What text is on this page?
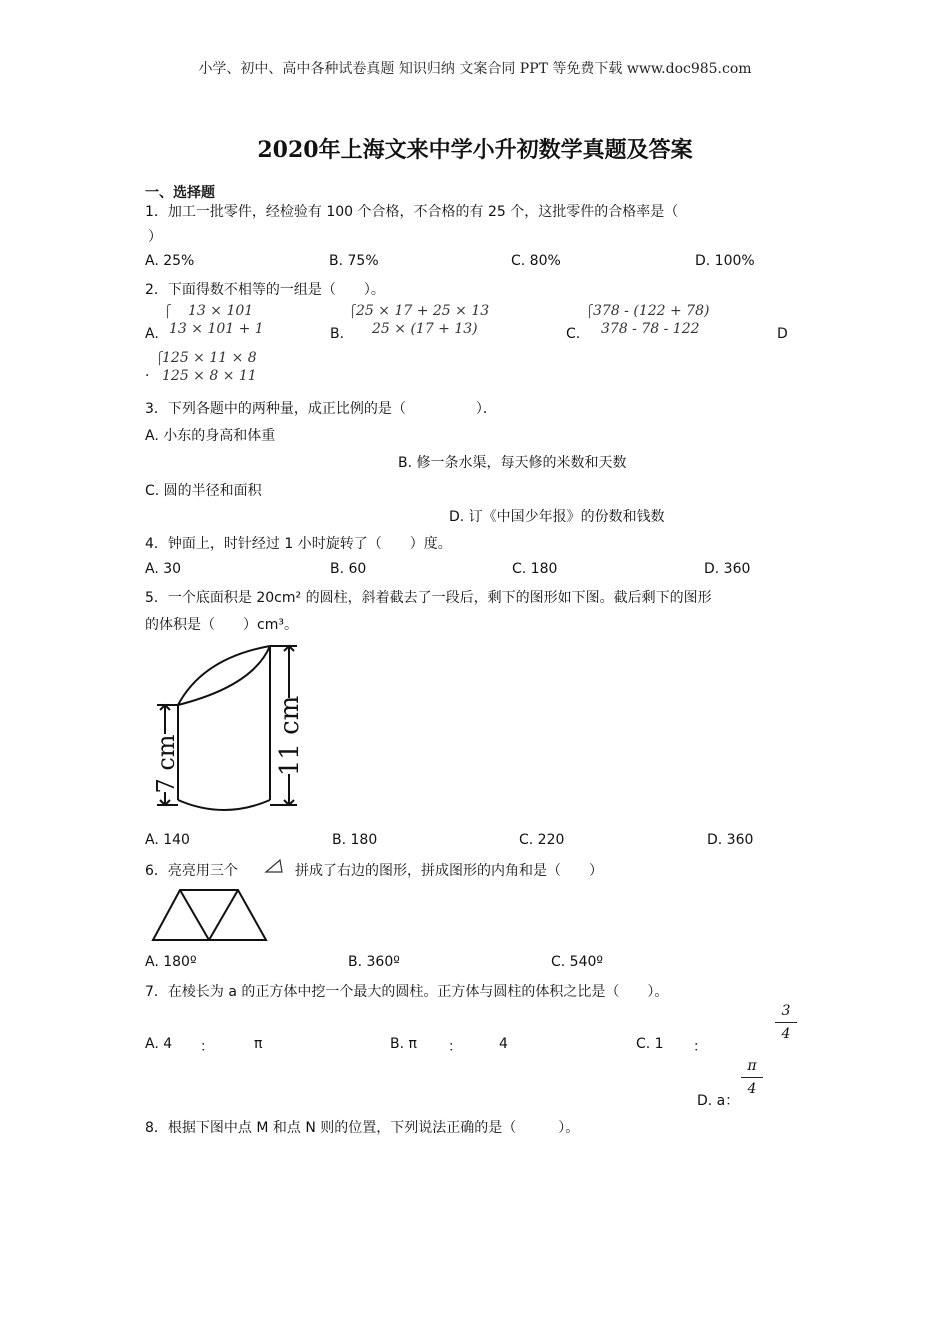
小学、初中、高中各种试卷真题 知识归纳 文案合同 PPT 等免费下载 www.doc985.com
2020年上海文来中学小升初数学真题及答案
一、选择题
1．加工一批零件，经检验有 100 个合格，不合格的有 25 个，这批零件的合格率是（
）
A. 25%	B. 75%	C. 80%	D. 100%
2．下面得数不相等的一组是（　　）。
A.
⎧ 13 × 101
13 × 101 + 1	B.
⎧ 25 × 17 + 25 × 13
25 × (17 + 13)	C.
⎧ 378 - (122 + 78)
378 - 78 - 122	D
⎧
125 × 11 × 8
. 125 × 8 × 11
3．下列各题中的两种量，成正比例的是（　　　　　）．
A. 小东的身高和体重
B. 修一条水渠，每天修的米数和天数
C. 圆的半径和面积
D. 订《中国少年报》的份数和钱数
4．钟面上，时针经过 1 小时旋转了（　　）度。
A. 30	B. 60	C. 180	D. 360
5．一个底面积是 20cm² 的圆柱，斜着截去了一段后，剩下的图形如下图。截后剩下的图形
的体积是（　　）cm³。
7 cm	11 cm
A. 140	B. 180	C. 220	D. 360
6．亮亮用三个	拼成了右边的图形，拼成图形的内角和是（　　）
A. 180º	B. 360º	C. 540º
7．在棱长为 a 的正方体中挖一个最大的圆柱。正方体与圆柱的体积之比是（　　）。
A. 4 ：	π	B. π ：	4	C. 1 ：
3
4
D. a：
π
4
8．根据下图中点 M 和点 N 则的位置，下列说法正确的是（　　　）。
